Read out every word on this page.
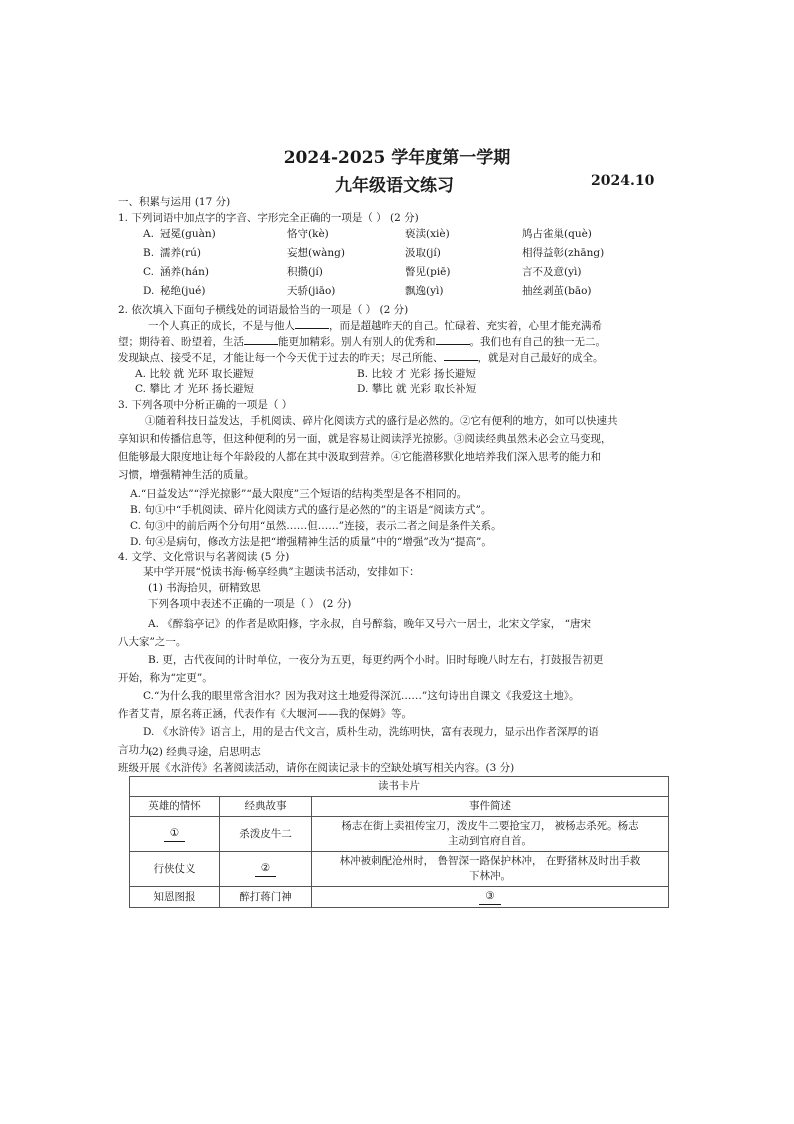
2024-2025 学年度第一学期
九年级语文练习	2024.10
一、积累与运用 (17 分)
1. 下列词语中加点字的字音、字形完全正确的一项是（ ） (2 分)
A. 冠冕(guàn)	恪守(kè)	亵渎(xiè)	鸠占雀巢(què)
B. 濡养(rú)	妄想(wàng)	汲取(jí)	相得益彰(zhāng)
C. 涵养(hán)	积攒(jí)	瞥见(piē)	言不及意(yì)
D. 秘绝(jué)	天骄(jiāo)	飘逸(yì)	抽丝剥茧(bāo)
2. 依次填入下面句子横线处的词语最恰当的一项是（ ） (2 分)
一个人真正的成长，不是与他人	，而是超越昨天的自己。忙碌着、充实着，心里才能充满希
望；期待着、盼望着，生活	能更加精彩。别人有别人的优秀和	。我们也有自己的独一无二。
发现缺点、接受不足，才能让每一个今天优于过去的昨天；尽己所能、	，就是对自己最好的成全。
A. 比较 就 光环 取长避短	B. 比较 才 光彩 扬长避短
C. 攀比 才 光环 扬长避短	D. 攀比 就 光彩 取长补短
3. 下列各项中分析正确的一项是（ ）
①随着科技日益发达，手机阅读、碎片化阅读方式的盛行是必然的。②它有便利的地方，如可以快速共
享知识和传播信息等，但这种便利的另一面，就是容易让阅读浮光掠影。③阅读经典虽然未必会立马变现，
但能够最大限度地让每个年龄段的人都在其中汲取到营养。④它能潜移默化地培养我们深入思考的能力和
习惯，增强精神生活的质量。
A.“日益发达”“浮光掠影”“最大限度”三个短语的结构类型是各不相同的。
B. 句①中“手机阅读、碎片化阅读方式的盛行是必然的”的主语是“阅读方式”。
C. 句③中的前后两个分句用“虽然……但……”连接，表示二者之间是条件关系。
D. 句④是病句，修改方法是把“增强精神生活的质量”中的“增强”改为“提高”。
4. 文学、文化常识与名著阅读 (5 分)
某中学开展“悦读书海·畅享经典”主题读书活动，安排如下：
(1) 书海拾贝，研精致思
下列各项中表述不正确的一项是（ ） (2 分)
A. 《醉翁亭记》的作者是欧阳修，字永叔，自号醉翁，晚年又号六一居士，北宋文学家， “唐宋
八大家”之一。
B. 更，古代夜间的计时单位，一夜分为五更，每更约两个小时。旧时每晚八时左右，打鼓报告初更
开始，称为“定更”。
C.“为什么我的眼里常含泪水？因为我对这土地爱得深沉……”这句诗出自课文《我爱这土地》。
作者艾青，原名蒋正涵，代表作有《大堰河——我的保姆》等。
D. 《水浒传》语言上，用的是古代文言，质朴生动，洗练明快，富有表现力，显示出作者深厚的语
言功力。
(2) 经典寻途，启思明志
班级开展《水浒传》名著阅读活动，请你在阅读记录卡的空缺处填写相关内容。(3 分)
读书卡片		
英雄的情怀	经典故事	事件简述
①	杀泼皮牛二	杨志在街上卖祖传宝刀，泼皮牛二要抢宝刀， 被杨志杀死。杨志
主动到官府自首。

行侠仗义	②	林冲被刺配沧州时， 鲁智深一路保护林冲， 在野猪林及时出手救
下林冲。

知恩图报	醉打蒋门神	③
